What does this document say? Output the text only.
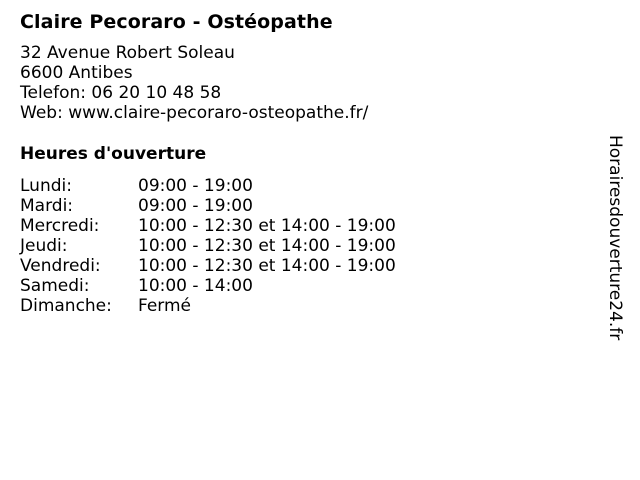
Claire Pecoraro - Ostéopathe
32 Avenue Robert Soleau
6600 Antibes
Telefon: 06 20 10 48 58
Web: www.claire-pecoraro-osteopathe.fr/
Heures d'ouverture
Lundi:	09:00 - 19:00
Mardi:	09:00 - 19:00
Mercredi:	10:00 - 12:30 et 14:00 - 19:00
Jeudi:	10:00 - 12:30 et 14:00 - 19:00
Vendredi:	10:00 - 12:30 et 14:00 - 19:00
Samedi:	10:00 - 14:00
Dimanche:	Fermé	Horairesdouverture24.fr
